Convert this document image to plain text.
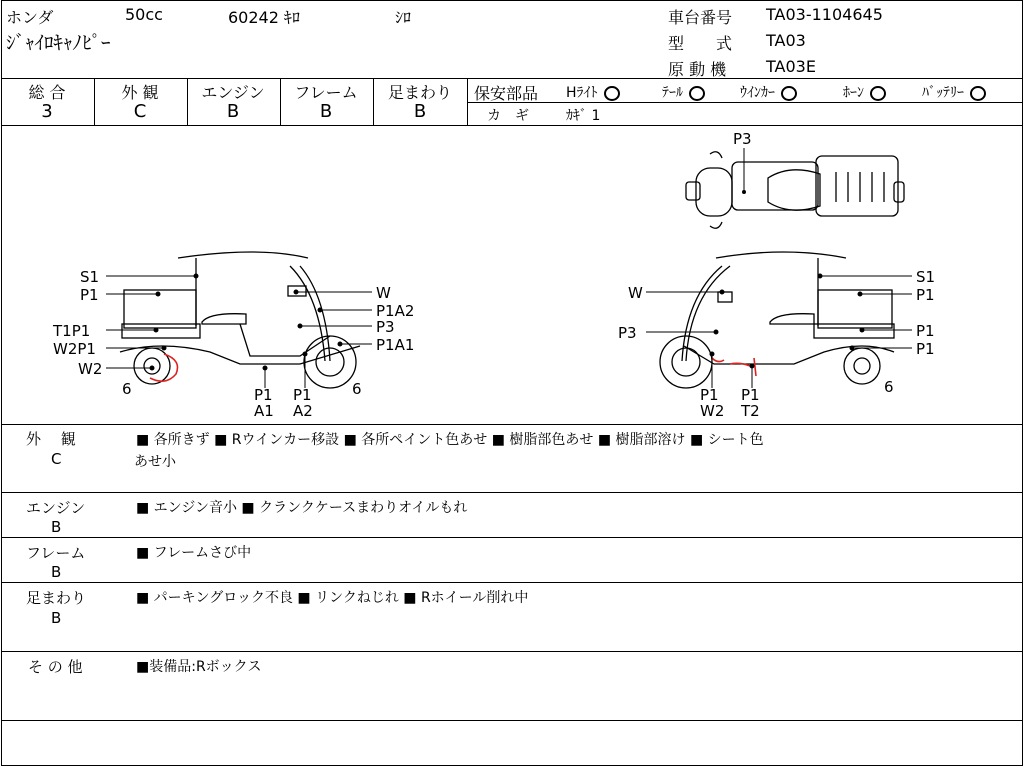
ホンダ	50cc	60242 ｷﾛ	ｼﾛ
ｼﾞｬｲﾛｷｬﾉﾋﾟｰ
車台番号 TA03-1104645
型　　式 TA03
原 動 機 TA03E
総 合
3
外 観
C
エンジン
B
フレーム
B
足まわり
B
保安部品 Hﾗｲﾄ	ﾃｰﾙ	ｳｲﾝｶｰ	ﾎｰﾝ	ﾊﾞｯﾃﾘｰ
カ　ギ	ｶｷﾞ 1
P3
S1
P1
T1P1
W2P1
W2
6	P1
A1
P1
A2
W
P1A2
P3
P1A1
6
W
P3
S1
P1
P1
P1
P1
W2
P1
T2
6
外　 観
C
■ 各所きず ■ Rウインカー移設 ■ 各所ペイント色あせ ■ 樹脂部色あせ ■ 樹脂部溶け ■ シート色
あせ小
エンジン
B
■ エンジン音小 ■ クランクケースまわりオイルもれ
フレーム
B
■ フレームさび中
足まわり
B
■ パーキングロック不良 ■ リンクねじれ ■ Rホイール削れ中
そ の 他	■装備品:Rボックス
